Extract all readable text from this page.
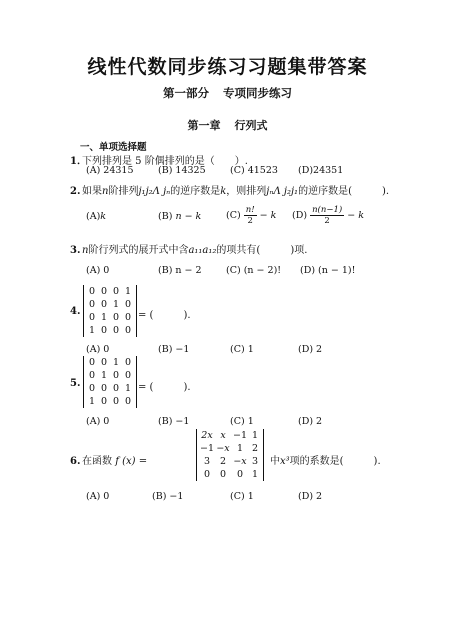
线性代数同步练习习题集带答案
第一部分 专项同步练习
第一章 行列式
一、单项选择题
1．下列排列是 5 阶偶排列的是（　　）.
(A) 24315	(B) 14325	(C) 41523 (D)24351
2. 如果n阶排列j₁j₂Λ jₙ的逆序数是k，则排列jₙΛ j₂j₁的逆序数是(　　　).
(A)k	(B) n − k	$(C) \frac{n!}{2} - k$ $(D) \frac{n(n-1)}{2} - k$
3. n阶行列式的展开式中含a₁₁a₁₂的项共有(　　　)项.
(A) 0	(B) n − 2	(C) (n − 2)! (D) (n − 1)!
4.
0 0 0 1
0 0 1 0
0 1 0 0
1 0 0 0
= (　　　).
(A) 0	(B) −1	(C) 1	(D) 2
5.
0 0 1 0
0 1 0 0
0 0 0 1
1 0 0 0
= (　　　).
(A) 0	(B) −1	(C) 1	(D) 2
6. 在函数 f (x) =
2x x −1 1
−1 −x 1 2
3	2 −x 3
0	0	0 1
中x³项的系数是(　　　).
(A) 0	(B) −1	(C) 1	(D) 2
